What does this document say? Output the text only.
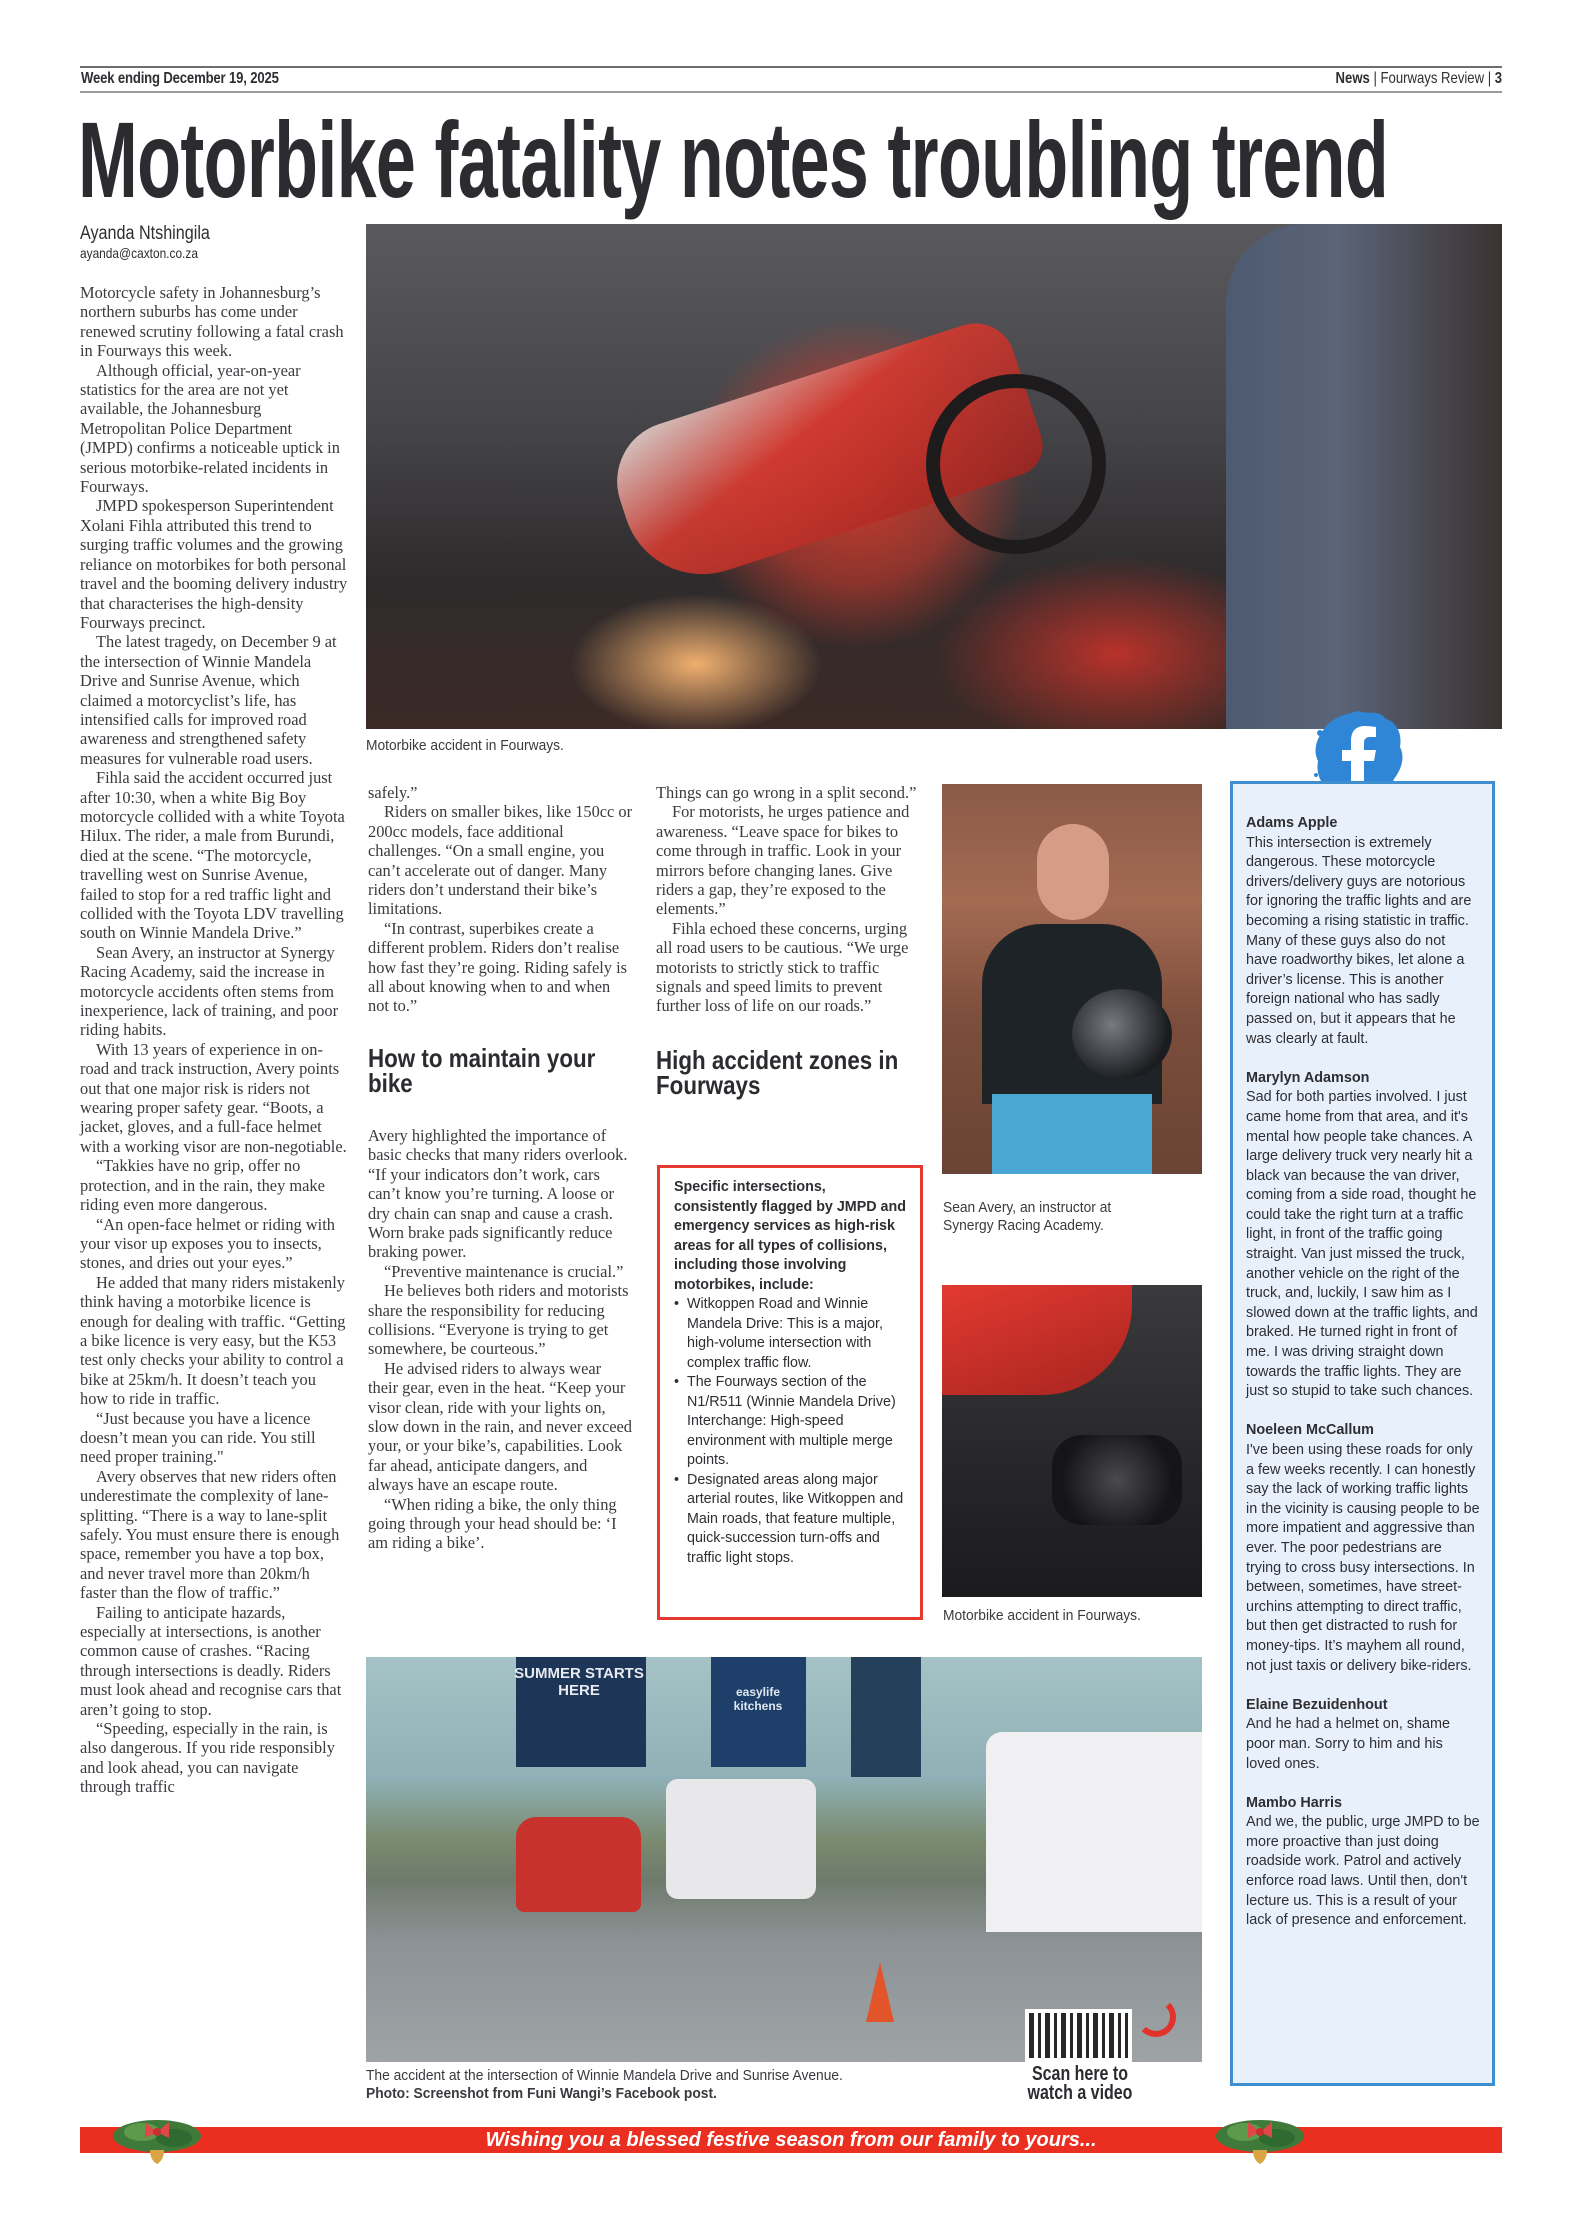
Week ending December 19, 2025	News | Fourways Review | 3
Motorbike fatality notes troubling trend
Ayanda Ntshingila
ayanda@caxton.co.za

Motorcycle safety in Johannesburg’s northern suburbs has come under renewed scrutiny following a fatal crash in Fourways this week.

Although official, year-on-year statistics for the area are not yet available, the Johannesburg Metropolitan Police Department (JMPD) confirms a noticeable uptick in serious motorbike-related incidents in Fourways.

JMPD spokesperson Superintendent Xolani Fihla attributed this trend to surging traffic volumes and the growing reliance on motorbikes for both personal travel and the booming delivery industry that characterises the high-density Fourways precinct.

The latest tragedy, on December 9 at the intersection of Winnie Mandela Drive and Sunrise Avenue, which claimed a motorcyclist’s life, has intensified calls for improved road awareness and strengthened safety measures for vulnerable road users.

Fihla said the accident occurred just after 10:30, when a white Big Boy motorcycle collided with a white Toyota Hilux. The rider, a male from Burundi, died at the scene. “The motorcycle, travelling west on Sunrise Avenue, failed to stop for a red traffic light and collided with the Toyota LDV travelling south on Winnie Mandela Drive.”

Sean Avery, an instructor at Synergy Racing Academy, said the increase in motorcycle accidents often stems from inexperience, lack of training, and poor riding habits.

With 13 years of experience in on-road and track instruction, Avery points out that one major risk is riders not wearing proper safety gear. “Boots, a jacket, gloves, and a full-face helmet with a working visor are non-negotiable.

“Takkies have no grip, offer no protection, and in the rain, they make riding even more dangerous.

“An open-face helmet or riding with your visor up exposes you to insects, stones, and dries out your eyes.”

He added that many riders mistakenly think having a motorbike licence is enough for dealing with traffic. “Getting a bike licence is very easy, but the K53 test only checks your ability to control a bike at 25km/h. It doesn’t teach you how to ride in traffic.

“Just because you have a licence doesn’t mean you can ride. You still need proper training."

Avery observes that new riders often underestimate the complexity of lane-splitting. “There is a way to lane-split safely. You must ensure there is enough space, remember you have a top box, and never travel more than 20km/h faster than the flow of traffic.”

Failing to anticipate hazards, especially at intersections, is another common cause of crashes. “Racing through intersections is deadly. Riders must look ahead and recognise cars that aren’t going to stop.

“Speeding, especially in the rain, is also dangerous. If you ride responsibly and look ahead, you can navigate through traffic

Motorbike accident in Fourways.

safely.”

Riders on smaller bikes, like 150cc or 200cc models, face additional challenges. “On a small engine, you can’t accelerate out of danger. Many riders don’t understand their bike’s limitations.

“In contrast, superbikes create a different problem. Riders don’t realise how fast they’re going. Riding safely is all about knowing when to and when not to.”

How to maintain your bike

Avery highlighted the importance of basic checks that many riders overlook. “If your indicators don’t work, cars can’t know you’re turning. A loose or dry chain can snap and cause a crash. Worn brake pads significantly reduce braking power.

“Preventive maintenance is crucial.”

He believes both riders and motorists share the responsibility for reducing collisions. “Everyone is trying to get somewhere, be courteous.”

He advised riders to always wear their gear, even in the heat. “Keep your visor clean, ride with your lights on, slow down in the rain, and never exceed your, or your bike’s, capabilities. Look far ahead, anticipate dangers, and always have an escape route.

“When riding a bike, the only thing going through your head should be: ‘I am riding a bike’.

Things can go wrong in a split second.”

For motorists, he urges patience and awareness. “Leave space for bikes to come through in traffic. Look in your mirrors before changing lanes. Give riders a gap, they’re exposed to the elements.”

Fihla echoed these concerns, urging all road users to be cautious. “We urge motorists to strictly stick to traffic signals and speed limits to prevent further loss of life on our roads.”

High accident zones in Fourways

Specific intersections, consistently flagged by JMPD and emergency services as high-risk areas for all types of collisions, including those involving motorbikes, include:

• Witkoppen Road and Winnie Mandela Drive: This is a major, high-volume intersection with complex traffic flow.
• The Fourways section of the N1/R511 (Winnie Mandela Drive) Interchange: High-speed environment with multiple merge points.
• Designated areas along major arterial routes, like Witkoppen and Main roads, that feature multiple, quick-succession turn-offs and traffic light stops.
Sean Avery, an instructor at Synergy Racing Academy.
Motorbike accident in Fourways.
Adams Apple
This intersection is extremely dangerous. These motorcycle drivers/delivery guys are notorious for ignoring the traffic lights and are becoming a rising statistic in traffic. Many of these guys also do not have roadworthy bikes, let alone a driver’s license. This is another foreign national who has sadly passed on, but it appears that he was clearly at fault.
Marylyn Adamson
Sad for both parties involved. I just came home from that area, and it's mental how people take chances. A large delivery truck very nearly hit a black van because the van driver, coming from a side road, thought he could take the right turn at a traffic light, in front of the traffic going straight. Van just missed the truck, another vehicle on the right of the truck, and, luckily, I saw him as I slowed down at the traffic lights, and braked. He turned right in front of me. I was driving straight down towards the traffic lights. They are just so stupid to take such chances.
Noeleen McCallum
I've been using these roads for only a few weeks recently. I can honestly say the lack of working traffic lights in the vicinity is causing people to be more impatient and aggressive than ever. The poor pedestrians are trying to cross busy intersections. In between, sometimes, have street-urchins attempting to direct traffic, but then get distracted to rush for money-tips. It’s mayhem all round, not just taxis or delivery bike-riders.
Elaine Bezuidenhout
And he had a helmet on, shame poor man. Sorry to him and his loved ones.
Mambo Harris
And we, the public, urge JMPD to be more proactive than just doing roadside work. Patrol and actively enforce road laws. Until then, don't lecture us. This is a result of your lack of presence and enforcement.
SUMMER STARTS HERE	easylife kitchens
The accident at the intersection of Winnie Mandela Drive and Sunrise Avenue.
Photo: Screenshot from Funi Wangi’s Facebook post.
Scan here to watch a video
Wishing you a blessed festive season from our family to yours...
